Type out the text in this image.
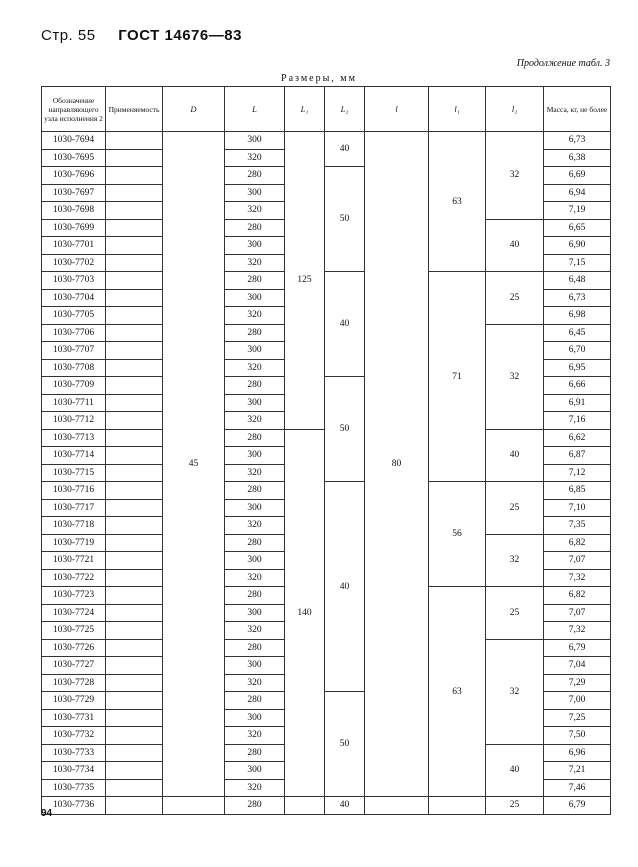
Стр. 55 ГОСТ 14676—83
Продолжение табл. 3
Размеры, мм
Обозначение направляющего узла исполнения 2	Применяемость	D	L	L₁	L₂	l	l₁	l₂	Масса, кг, не более
1030-7694		45	300	125	40	80	63	32	6,73
1030-7695			320						6,38
1030-7696			280		50				6,69
1030-7697			300						6,94
1030-7698			320						7,19
1030-7699			280					40	6,65
1030-7701			300						6,90
1030-7702			320						7,15
1030-7703			280		40		71	25	6,48
1030-7704			300						6,73
1030-7705			320						6,98
1030-7706			280					32	6,45
1030-7707			300						6,70
1030-7708			320						6,95
1030-7709			280		50				6,66
1030-7711			300						6,91
1030-7712			320						7,16
1030-7713			280	140				40	6,62
1030-7714			300						6,87
1030-7715			320						7,12
1030-7716			280		40		56	25	6,85
1030-7717			300						7,10
1030-7718			320						7,35
1030-7719			280					32	6,82
1030-7721			300						7,07
1030-7722			320						7,32
1030-7723			280				63	25	6,82
1030-7724			300						7,07
1030-7725			320						7,32
1030-7726			280					32	6,79
1030-7727			300						7,04
1030-7728			320						7,29
1030-7729			280		50				7,00
1030-7731			300						7,25
1030-7732			320						7,50
1030-7733			280					40	6,96
1030-7734			300						7,21
1030-7735			320						7,46
1030-7736			280		40			25	6,79
94
